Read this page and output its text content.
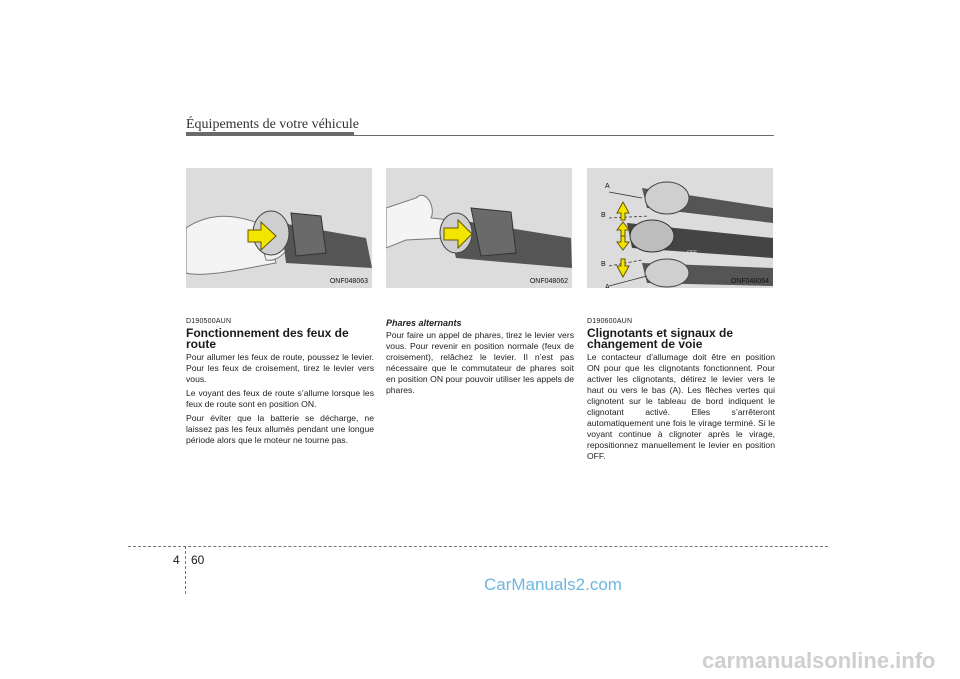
Équipements de votre véhicule
ONF048063
D190500AUN
Fonctionnement des feux de route
Pour allumer les feux de route, poussez le levier. Pour les feux de croisement, tirez le levier vers vous.
Le voyant des feux de route s’allume lorsque les feux de route sont en position ON.
Pour éviter que la batterie se décharge, ne laissez pas les feux allumés pendant une longue période alors que le moteur ne tourne pas.
ONF048062
Phares alternants
Pour faire un appel de phares, tirez le levier vers vous. Pour revenir en position normale (feux de croisement), relâchez le levier. Il n’est pas nécessaire que le commutateur de phares soit en position ON pour pouvoir utiliser les appels de phares.
A
B
B
A
OFF
ONF048064
D190600AUN
Clignotants et signaux de changement de voie
Le contacteur d’allumage doit être en position ON pour que les clignotants fonctionnent. Pour activer les clignotants, détirez le levier vers le haut ou vers le bas (A). Les flèches vertes qui clignotent sur le tableau de bord indiquent le clignotant activé. Elles s’arrêteront automatiquement une fois le virage terminé. Si le voyant continue à clignoter après le virage, repositionnez manuellement le levier en position OFF.
4 60
CarManuals2.com
carmanualsonline.info
